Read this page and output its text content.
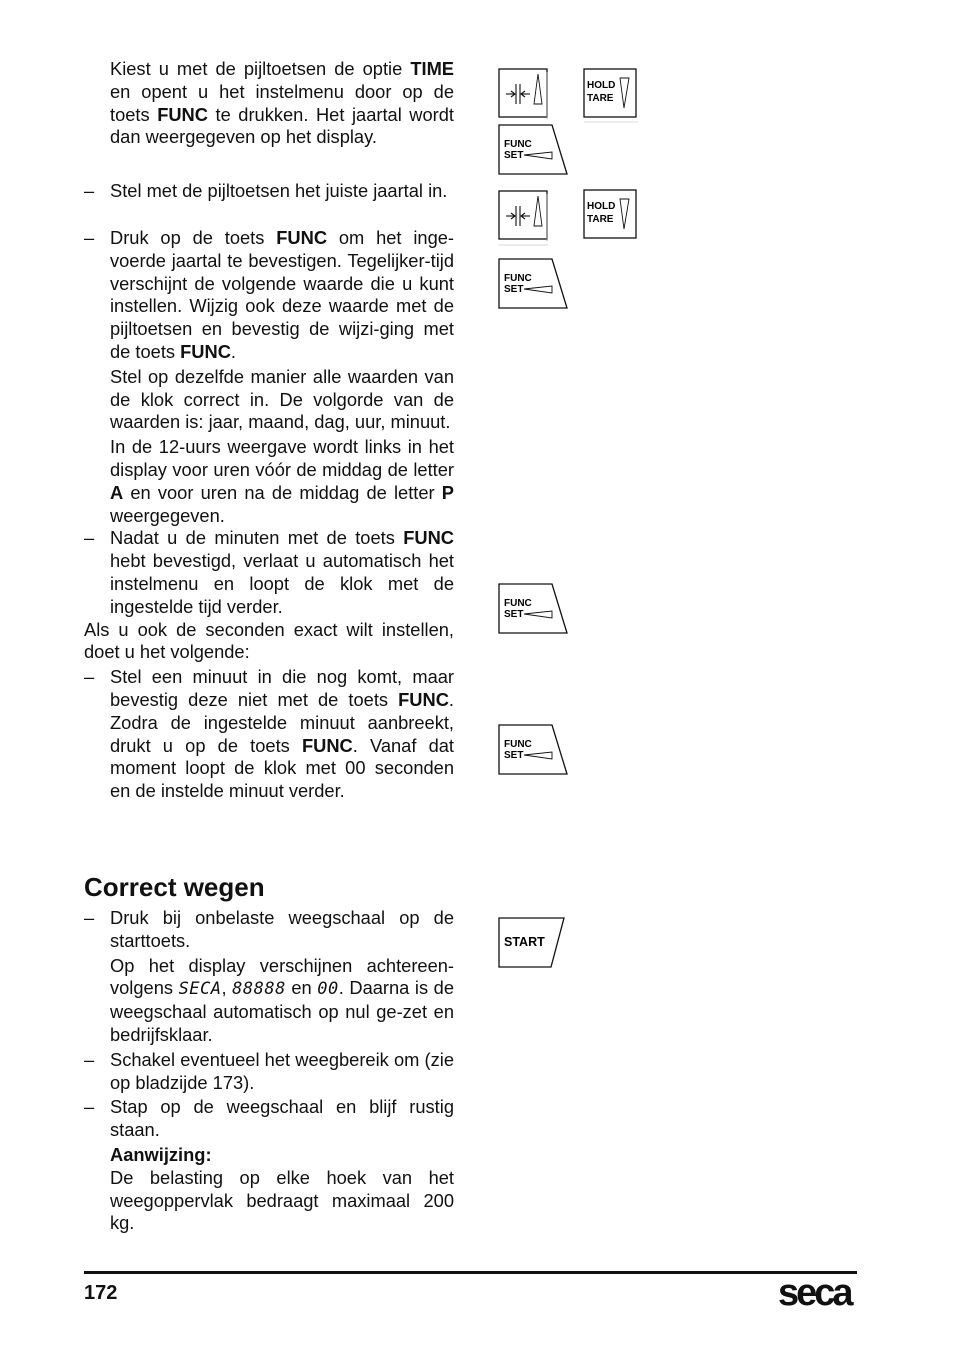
Kiest u met de pijltoetsen de optie TIME en opent u het instelmenu door op de toets FUNC te drukken. Het jaartal wordt dan weergegeven op het display.

– Stel met de pijltoetsen het juiste jaartal in.

– Druk op de toets FUNC om het inge-voerde jaartal te bevestigen. Tegelijker-tijd verschijnt de volgende waarde die u kunt instellen. Wijzig ook deze waarde met de pijltoetsen en bevestig de wijzi-ging met de toets FUNC.

Stel op dezelfde manier alle waarden van de klok correct in. De volgorde van de waarden is: jaar, maand, dag, uur, minuut.

In de 12-uurs weergave wordt links in het display voor uren vóór de middag de letter A en voor uren na de middag de letter P weergegeven.

– Nadat u de minuten met de toets FUNC hebt bevestigd, verlaat u automatisch het instelmenu en loopt de klok met de ingestelde tijd verder.

Als u ook de seconden exact wilt instellen, doet u het volgende:

– Stel een minuut in die nog komt, maar bevestig deze niet met de toets FUNC. Zodra de ingestelde minuut aanbreekt, drukt u op de toets FUNC. Vanaf dat moment loopt de klok met 00 seconden en de instelde minuut verder.

Correct wegen

– Druk bij onbelaste weegschaal op de starttoets.

Op het display verschijnen achtereen-volgens SECA, 88888 en 00. Daarna is de weegschaal automatisch op nul ge-zet en bedrijfsklaar.

– Schakel eventueel het weegbereik om (zie op bladzijde 173).

– Stap op de weegschaal en blijf rustig staan.

Aanwijzing:

De belasting op elke hoek van het weegoppervlak bedraagt maximaal 200 kg.

HOLD
TARE
FUNC
SET
HOLD
TARE
FUNC
SET
FUNC
SET
FUNC
SET
START
172	seca
